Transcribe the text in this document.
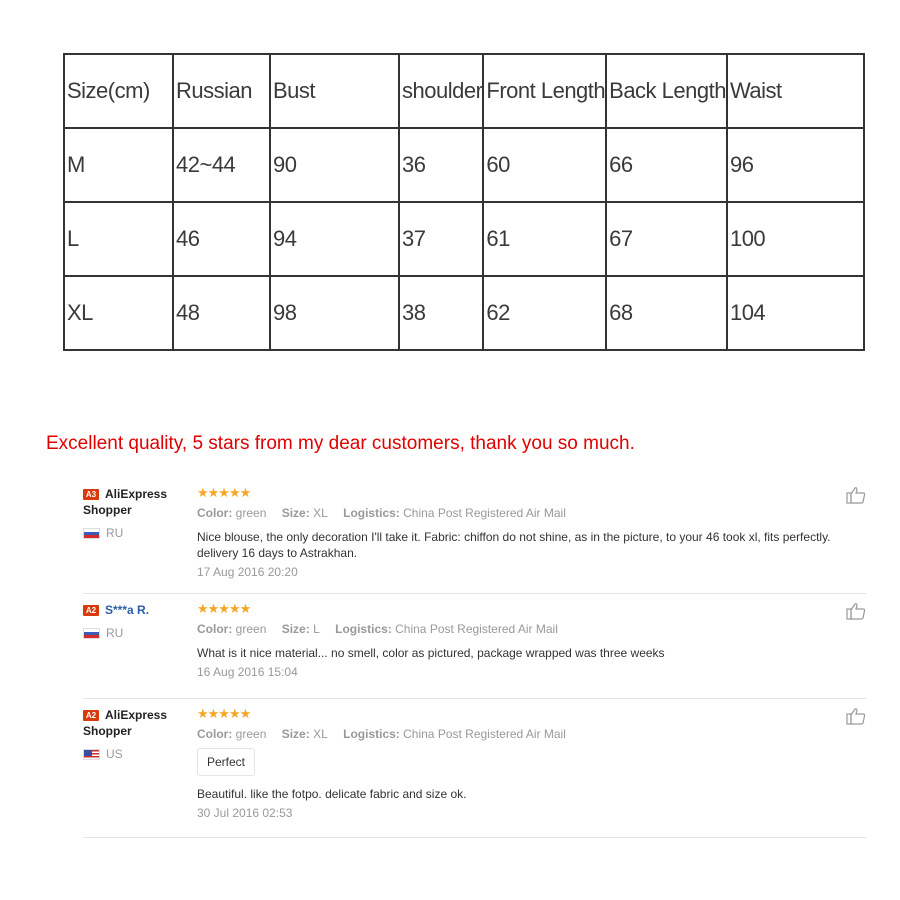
Size(cm)	Russian	Bust	shoulder	Front Length	Back Length	Waist
M	42~44	90	36	60	66	96
L	46	94	37	61	67	100
XL	48	98	38	62	68	104
Excellent quality, 5 stars from my dear customers, thank you so much.
A3 AliExpress Shopper
RU
★★★★★
Color: green Size: XL Logistics: China Post Registered Air Mail
Nice blouse, the only decoration I'll take it. Fabric: chiffon do not shine, as in the picture, to your 46 took xl, fits perfectly. delivery 16 days to Astrakhan.
17 Aug 2016 20:20
A2 S***a R.
RU
★★★★★
Color: green Size: L Logistics: China Post Registered Air Mail
What is it nice material... no smell, color as pictured, package wrapped was three weeks
16 Aug 2016 15:04
A2 AliExpress Shopper
US
★★★★★
Color: green Size: XL Logistics: China Post Registered Air Mail
Perfect
Beautiful. like the fotpo. delicate fabric and size ok.
30 Jul 2016 02:53
